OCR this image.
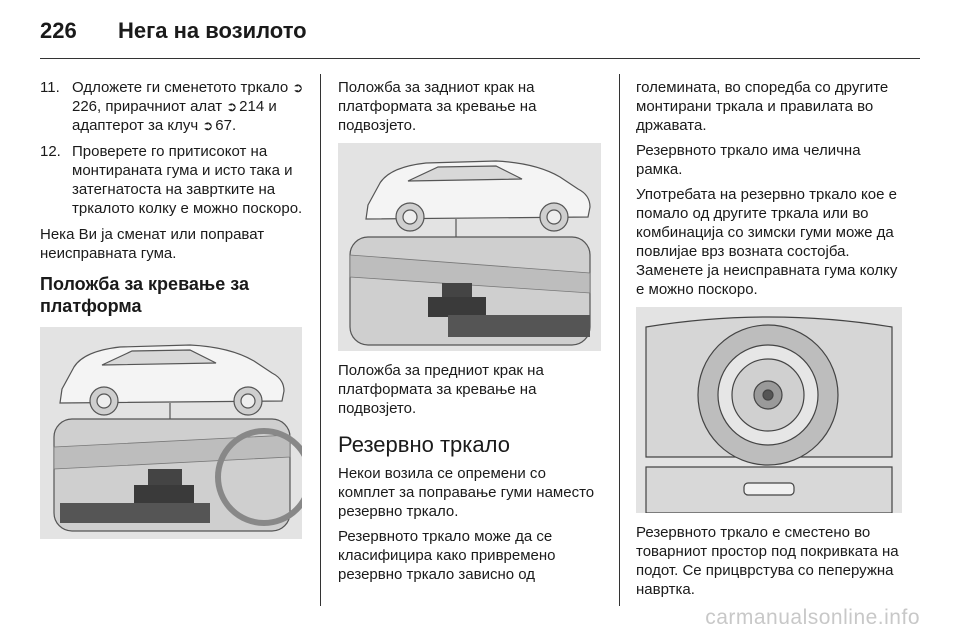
226 Нега на возилото
11. Одложете ги сменетото тркало ➲226, прирачниот алат ➲ 214 и адаптерот за клуч ➲ 67.
12. Проверете го притисокот на монтираната гума и исто така и затегнатоста на завртките на тркалото колку е можно поскоро.

Нека Ви ја сменат или поправат неисправната гума.

Положба за кревање за платформа

Положба за задниот крак на платформата за кревање на подвозјето.

Положба за предниот крак на платформата за кревање на подвозјето.

Резервно тркало

Некои возила се опремени со комплет за поправање гуми наместо резервно тркало.

Резервното тркало може да се класифицира како привремено резервно тркало зависно од

големината, во споредба со другите монтирани тркала и правилата во државата.

Резервното тркало има челична рамка.

Употребата на резервно тркало кое е помало од другите тркала или во комбинација со зимски гуми може да повлијае врз возната состојба. Заменете ја неисправната гума колку е можно поскоро.

Резервното тркало е сместено во товарниот простор под покривката на подот. Се прицврстува со пеперужна навртка.

carmanualsonline.info
